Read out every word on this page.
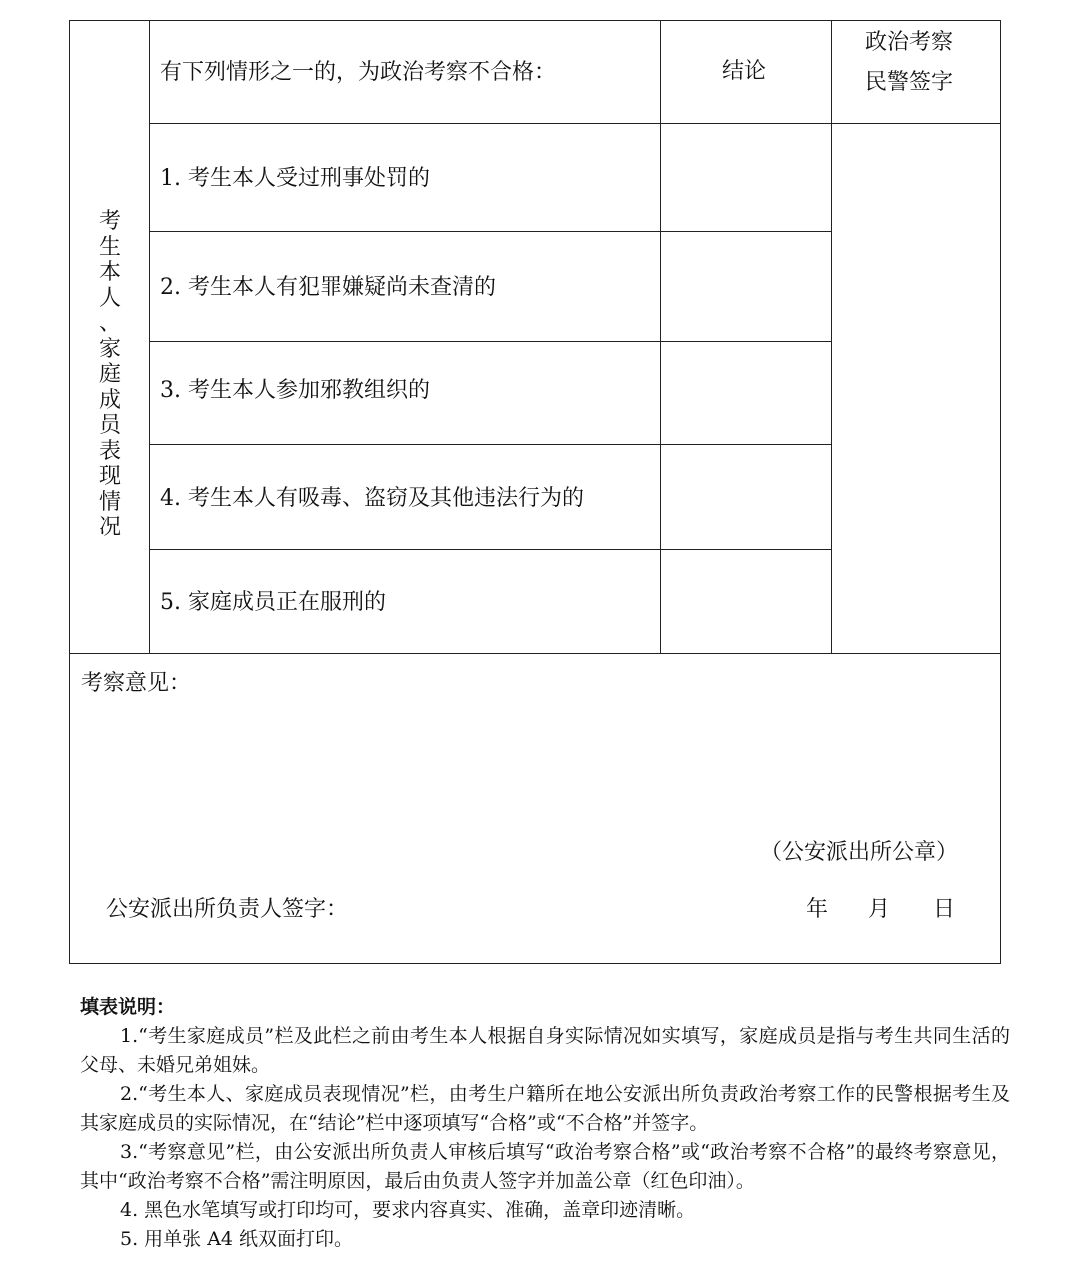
有下列情形之一的，为政治考察不合格：	结论
政治考察
民警签字
考
生
本
人
、
家
庭
成
员
表
现
情
况
1. 考生本人受过刑事处罚的
2. 考生本人有犯罪嫌疑尚未查清的
3. 考生本人参加邪教组织的
4. 考生本人有吸毒、盗窃及其他违法行为的
5. 家庭成员正在服刑的
考察意见：
（公安派出所公章）
公安派出所负责人签字：	年 月 日

填表说明：

1.“考生家庭成员”栏及此栏之前由考生本人根据自身实际情况如实填写，家庭成员是指与考生共同生活的父母、未婚兄弟姐妹。

2.“考生本人、家庭成员表现情况”栏，由考生户籍所在地公安派出所负责政治考察工作的民警根据考生及其家庭成员的实际情况，在“结论”栏中逐项填写“合格”或“不合格”并签字。

3.“考察意见”栏，由公安派出所负责人审核后填写“政治考察合格”或“政治考察不合格”的最终考察意见，其中“政治考察不合格”需注明原因，最后由负责人签字并加盖公章（红色印油）。

4. 黑色水笔填写或打印均可，要求内容真实、准确，盖章印迹清晰。

5. 用单张 A4 纸双面打印。
